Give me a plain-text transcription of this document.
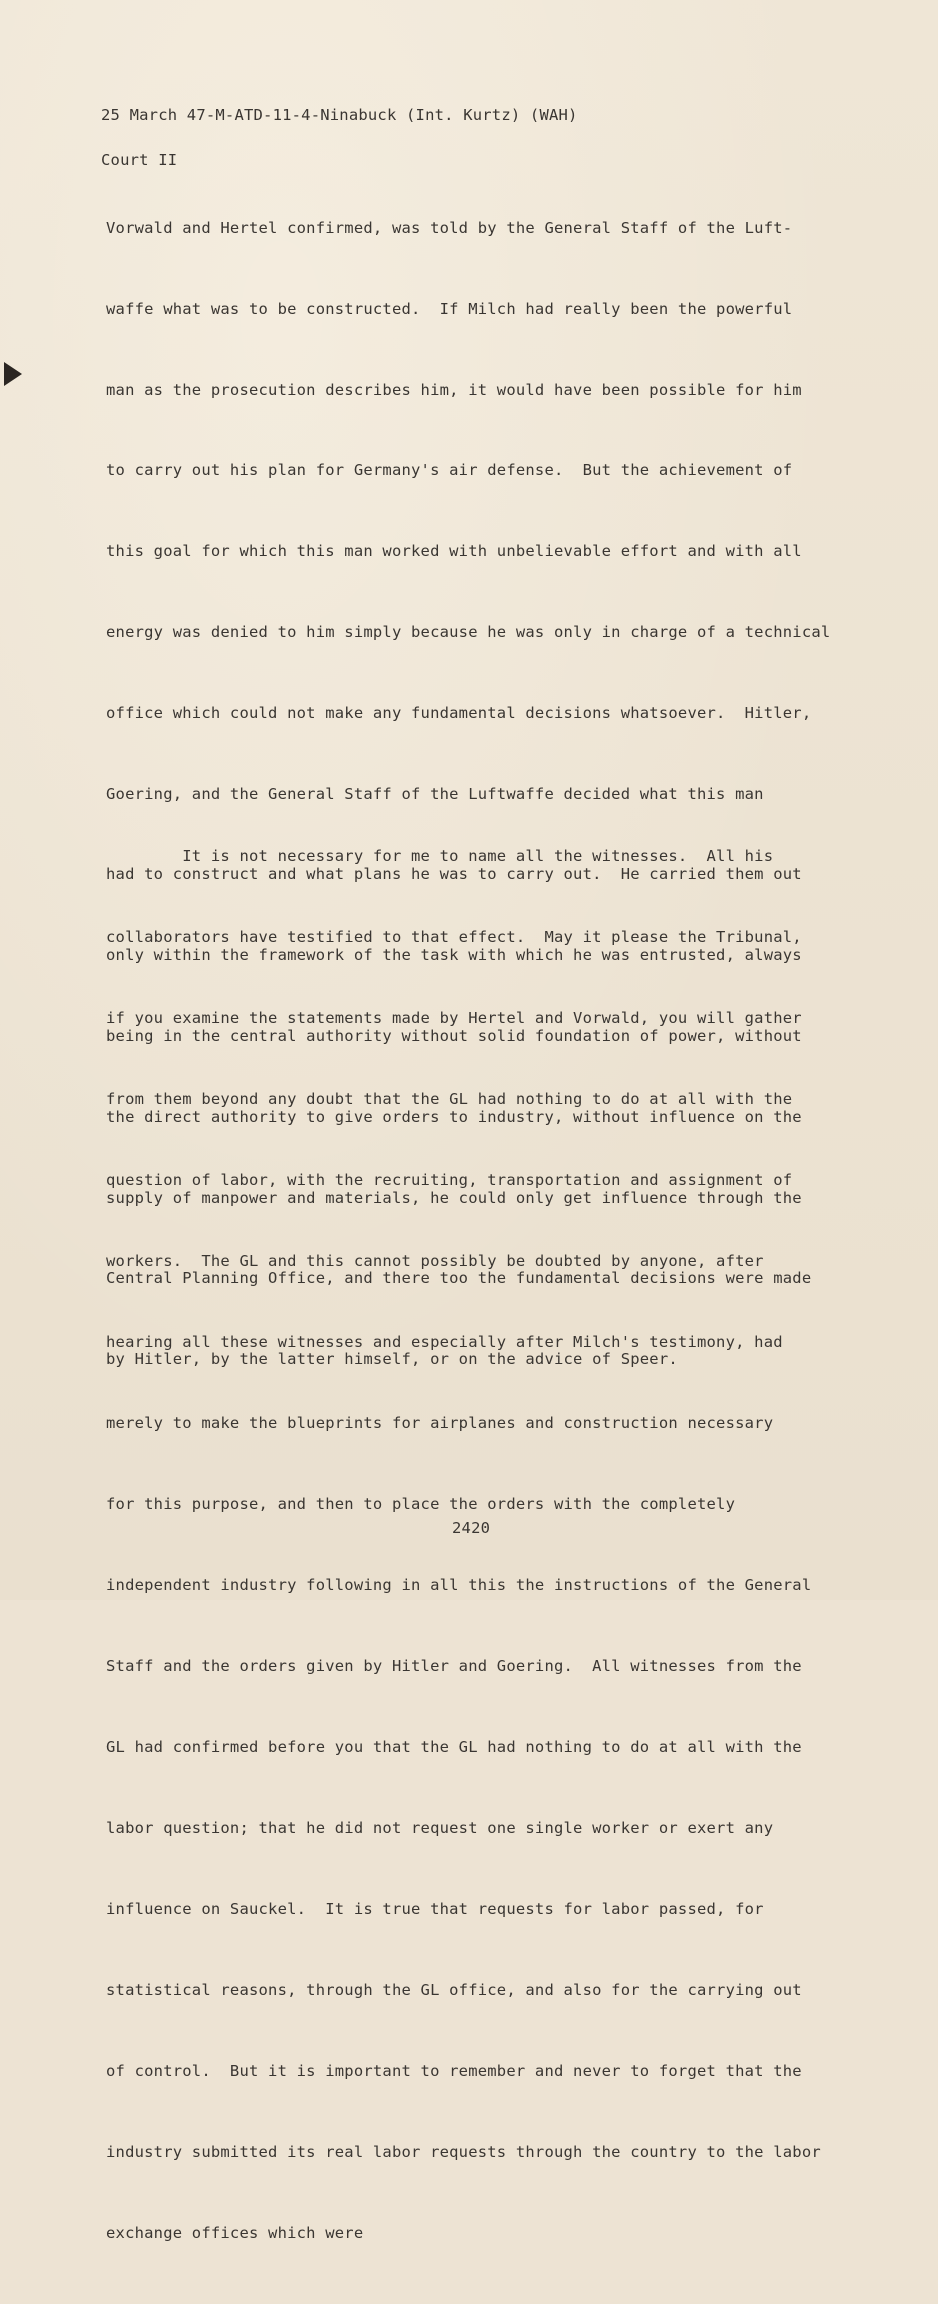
25 March 47-M-ATD-11-4-Ninabuck (Int. Kurtz) (WAH)

Court II

Vorwald and Hertel confirmed, was told by the General Staff of the Luft-

waffe what was to be constructed.  If Milch had really been the powerful

man as the prosecution describes him, it would have been possible for him

to carry out his plan for Germany's air defense.  But the achievement of

this goal for which this man worked with unbelievable effort and with all

energy was denied to him simply because he was only in charge of a technical

office which could not make any fundamental decisions whatsoever.  Hitler,

Goering, and the General Staff of the Luftwaffe decided what this man

had to construct and what plans he was to carry out.  He carried them out

only within the framework of the task with which he was entrusted, always

being in the central authority without solid foundation of power, without

the direct authority to give orders to industry, without influence on the

supply of manpower and materials, he could only get influence through the

Central Planning Office, and there too the fundamental decisions were made

by Hitler, by the latter himself, or on the advice of Speer.

It is not necessary for me to name all the witnesses.  All his

collaborators have testified to that effect.  May it please the Tribunal,

if you examine the statements made by Hertel and Vorwald, you will gather

from them beyond any doubt that the GL had nothing to do at all with the

question of labor, with the recruiting, transportation and assignment of

workers.  The GL and this cannot possibly be doubted by anyone, after

hearing all these witnesses and especially after Milch's testimony, had

merely to make the blueprints for airplanes and construction necessary

for this purpose, and then to place the orders with the completely

independent industry following in all this the instructions of the General

Staff and the orders given by Hitler and Goering.  All witnesses from the

GL had confirmed before you that the GL had nothing to do at all with the

labor question; that he did not request one single worker or exert any

influence on Sauckel.  It is true that requests for labor passed, for

statistical reasons, through the GL office, and also for the carrying out

of control.  But it is important to remember and never to forget that the

industry submitted its real labor requests through the country to the labor

exchange offices which were

2420
